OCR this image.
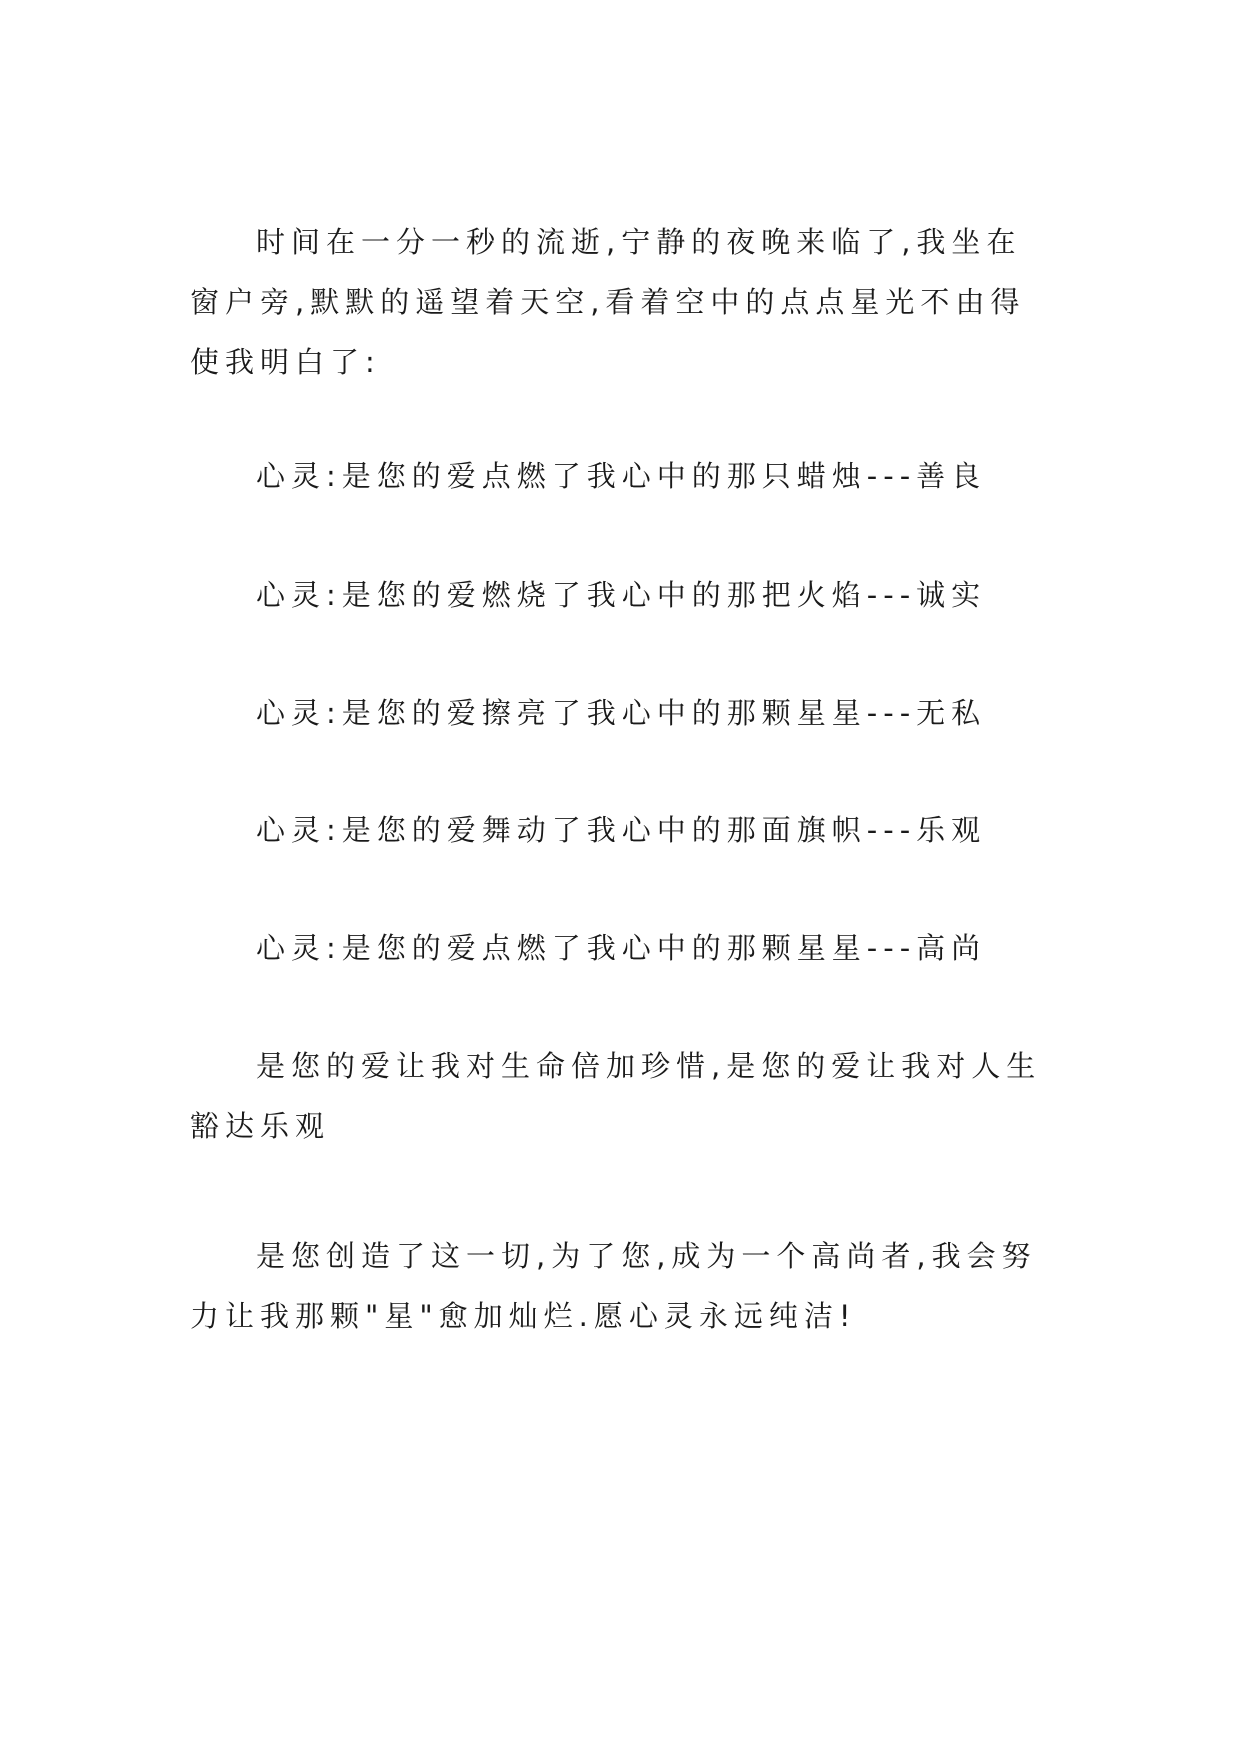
时间在一分一秒的流逝,宁静的夜晚来临了,我坐在窗户旁,默默的遥望着天空,看着空中的点点星光不由得使我明白了:

心灵:是您的爱点燃了我心中的那只蜡烛---善良

心灵:是您的爱燃烧了我心中的那把火焰---诚实

心灵:是您的爱擦亮了我心中的那颗星星---无私

心灵:是您的爱舞动了我心中的那面旗帜---乐观

心灵:是您的爱点燃了我心中的那颗星星---高尚

是您的爱让我对生命倍加珍惜,是您的爱让我对人生豁达乐观

是您创造了这一切,为了您,成为一个高尚者,我会努力让我那颗"星"愈加灿烂.愿心灵永远纯洁!
